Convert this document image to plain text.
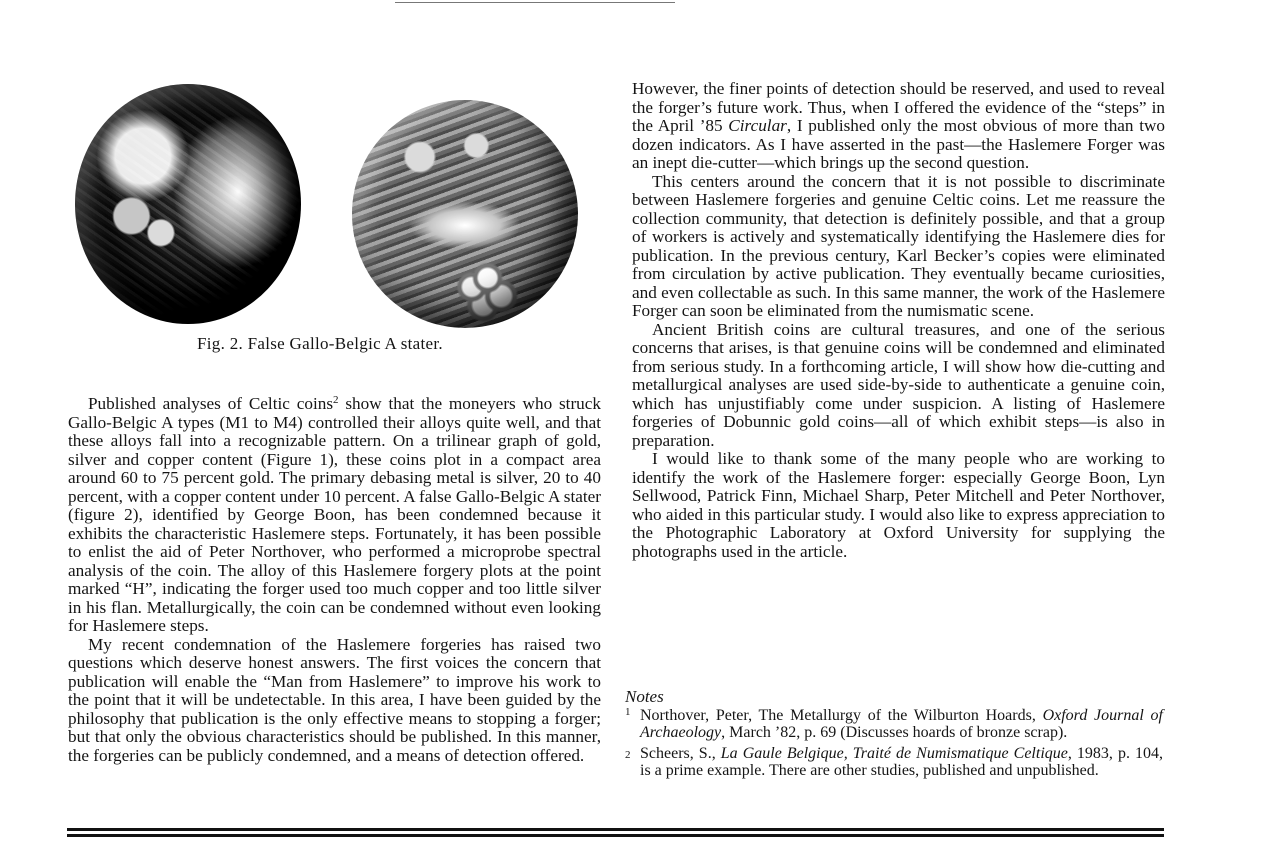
Fig. 2. False Gallo-Belgic A stater.

Published analyses of Celtic coins$^2$ show that the moneyers who struck Gallo-Belgic A types (M1 to M4) controlled their alloys quite well, and that these alloys fall into a recognizable pattern. On a trilinear graph of gold, silver and copper content (Figure 1), these coins plot in a compact area around 60 to 75 percent gold. The primary debasing metal is silver, 20 to 40 percent, with a copper content under 10 percent. A false Gallo-Belgic A stater (figure 2), identified by George Boon, has been condemned because it exhibits the characteristic Haslemere steps. Fortunately, it has been possible to enlist the aid of Peter Northover, who performed a microprobe spectral analysis of the coin. The alloy of this Haslemere forgery plots at the point marked “H”, indicating the forger used too much copper and too little silver in his flan. Metallurgically, the coin can be condemned without even looking for Haslemere steps.

My recent condemnation of the Haslemere forgeries has raised two questions which deserve honest answers. The first voices the concern that publication will enable the “Man from Haslemere” to improve his work to the point that it will be undetectable. In this area, I have been guided by the philosophy that publication is the only effective means to stopping a forger; but that only the obvious characteristics should be published. In this manner, the forgeries can be publicly condemned, and a means of detection offered.

However, the finer points of detection should be reserved, and used to reveal the forger’s future work. Thus, when I offered the evidence of the “steps” in the April ’85 Circular, I published only the most obvious of more than two dozen indicators. As I have asserted in the past—the Haslemere Forger was an inept die-cutter—which brings up the second question.

This centers around the concern that it is not possible to discriminate between Haslemere forgeries and genuine Celtic coins. Let me reassure the collection community, that detection is definitely possible, and that a group of workers is actively and systematically identifying the Haslemere dies for publication. In the previous century, Karl Becker’s copies were eliminated from circulation by active publication. They eventually became curiosities, and even collectable as such. In this same manner, the work of the Haslemere Forger can soon be eliminated from the numismatic scene.

Ancient British coins are cultural treasures, and one of the serious concerns that arises, is that genuine coins will be condemned and eliminated from serious study. In a forthcoming article, I will show how die-cutting and metallurgical analyses are used side-by-side to authenticate a genuine coin, which has unjustifiably come under suspicion. A listing of Haslemere forgeries of Dobunnic gold coins—all of which exhibit steps—is also in preparation.

I would like to thank some of the many people who are working to identify the work of the Haslemere forger: especially George Boon, Lyn Sellwood, Patrick Finn, Michael Sharp, Peter Mitchell and Peter Northover, who aided in this particular study. I would also like to express appreciation to the Photographic Laboratory at Oxford University for supplying the photographs used in the article.

Notes
1 Northover, Peter, The Metallurgy of the Wilburton Hoards, Oxford Journal of Archaeology, March ’82, p. 69 (Discusses hoards of bronze scrap).
2 Scheers, S., La Gaule Belgique, Traité de Numismatique Celtique, 1983, p. 104, is a prime example. There are other studies, published and unpublished.
